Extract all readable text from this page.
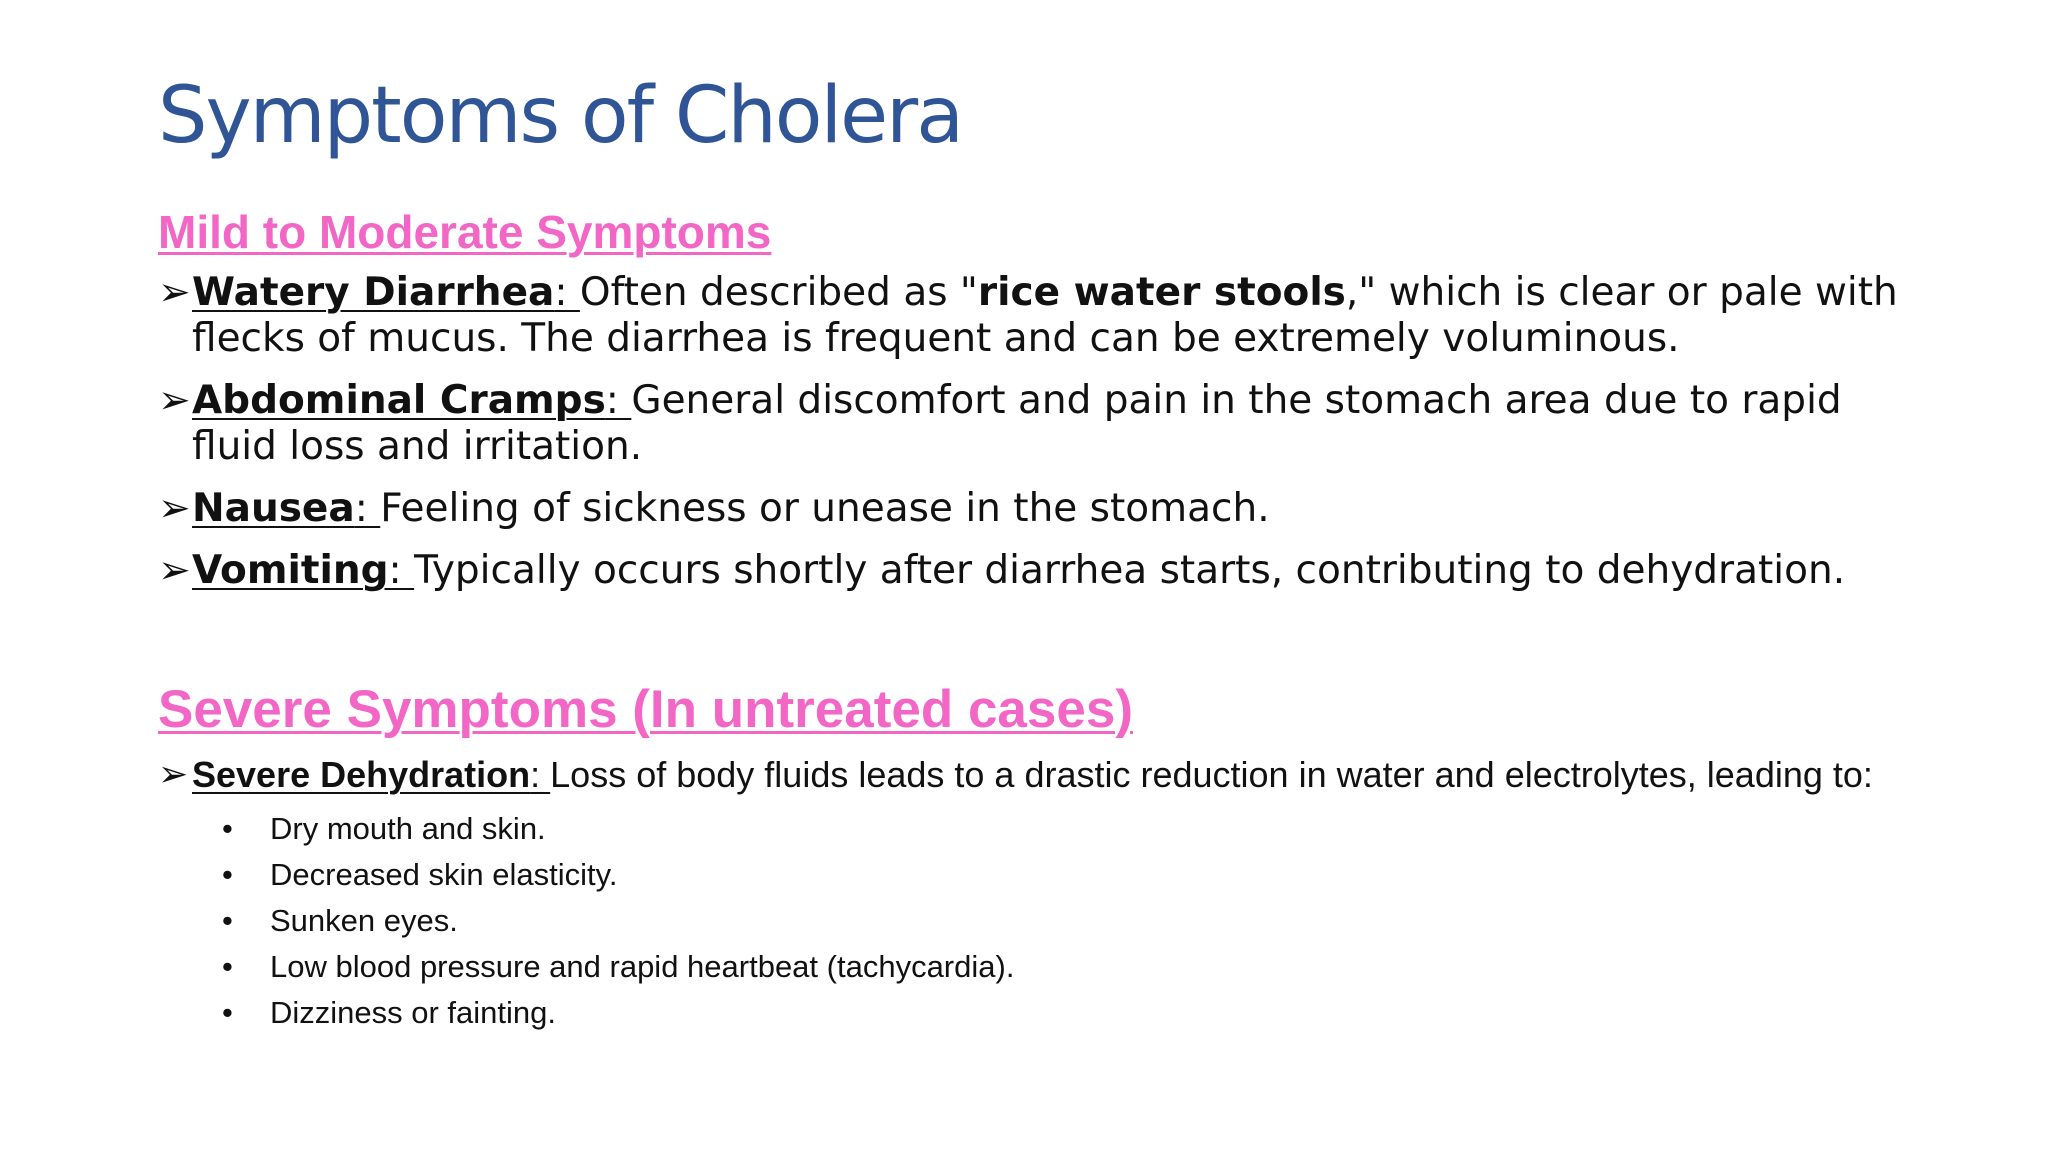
Symptoms of Cholera
Mild to Moderate Symptoms
➢ Watery Diarrhea: Often described as "rice water stools," which is clear or pale with flecks of mucus. The diarrhea is frequent and can be extremely voluminous.
➢ Abdominal Cramps: General discomfort and pain in the stomach area due to rapid fluid loss and irritation.
➢ Nausea: Feeling of sickness or unease in the stomach.
➢ Vomiting: Typically occurs shortly after diarrhea starts, contributing to dehydration.
Severe Symptoms (In untreated cases)
➢ Severe Dehydration: Loss of body fluids leads to a drastic reduction in water and electrolytes, leading to:
• Dry mouth and skin.
• Decreased skin elasticity.
• Sunken eyes.
• Low blood pressure and rapid heartbeat (tachycardia).
• Dizziness or fainting.
